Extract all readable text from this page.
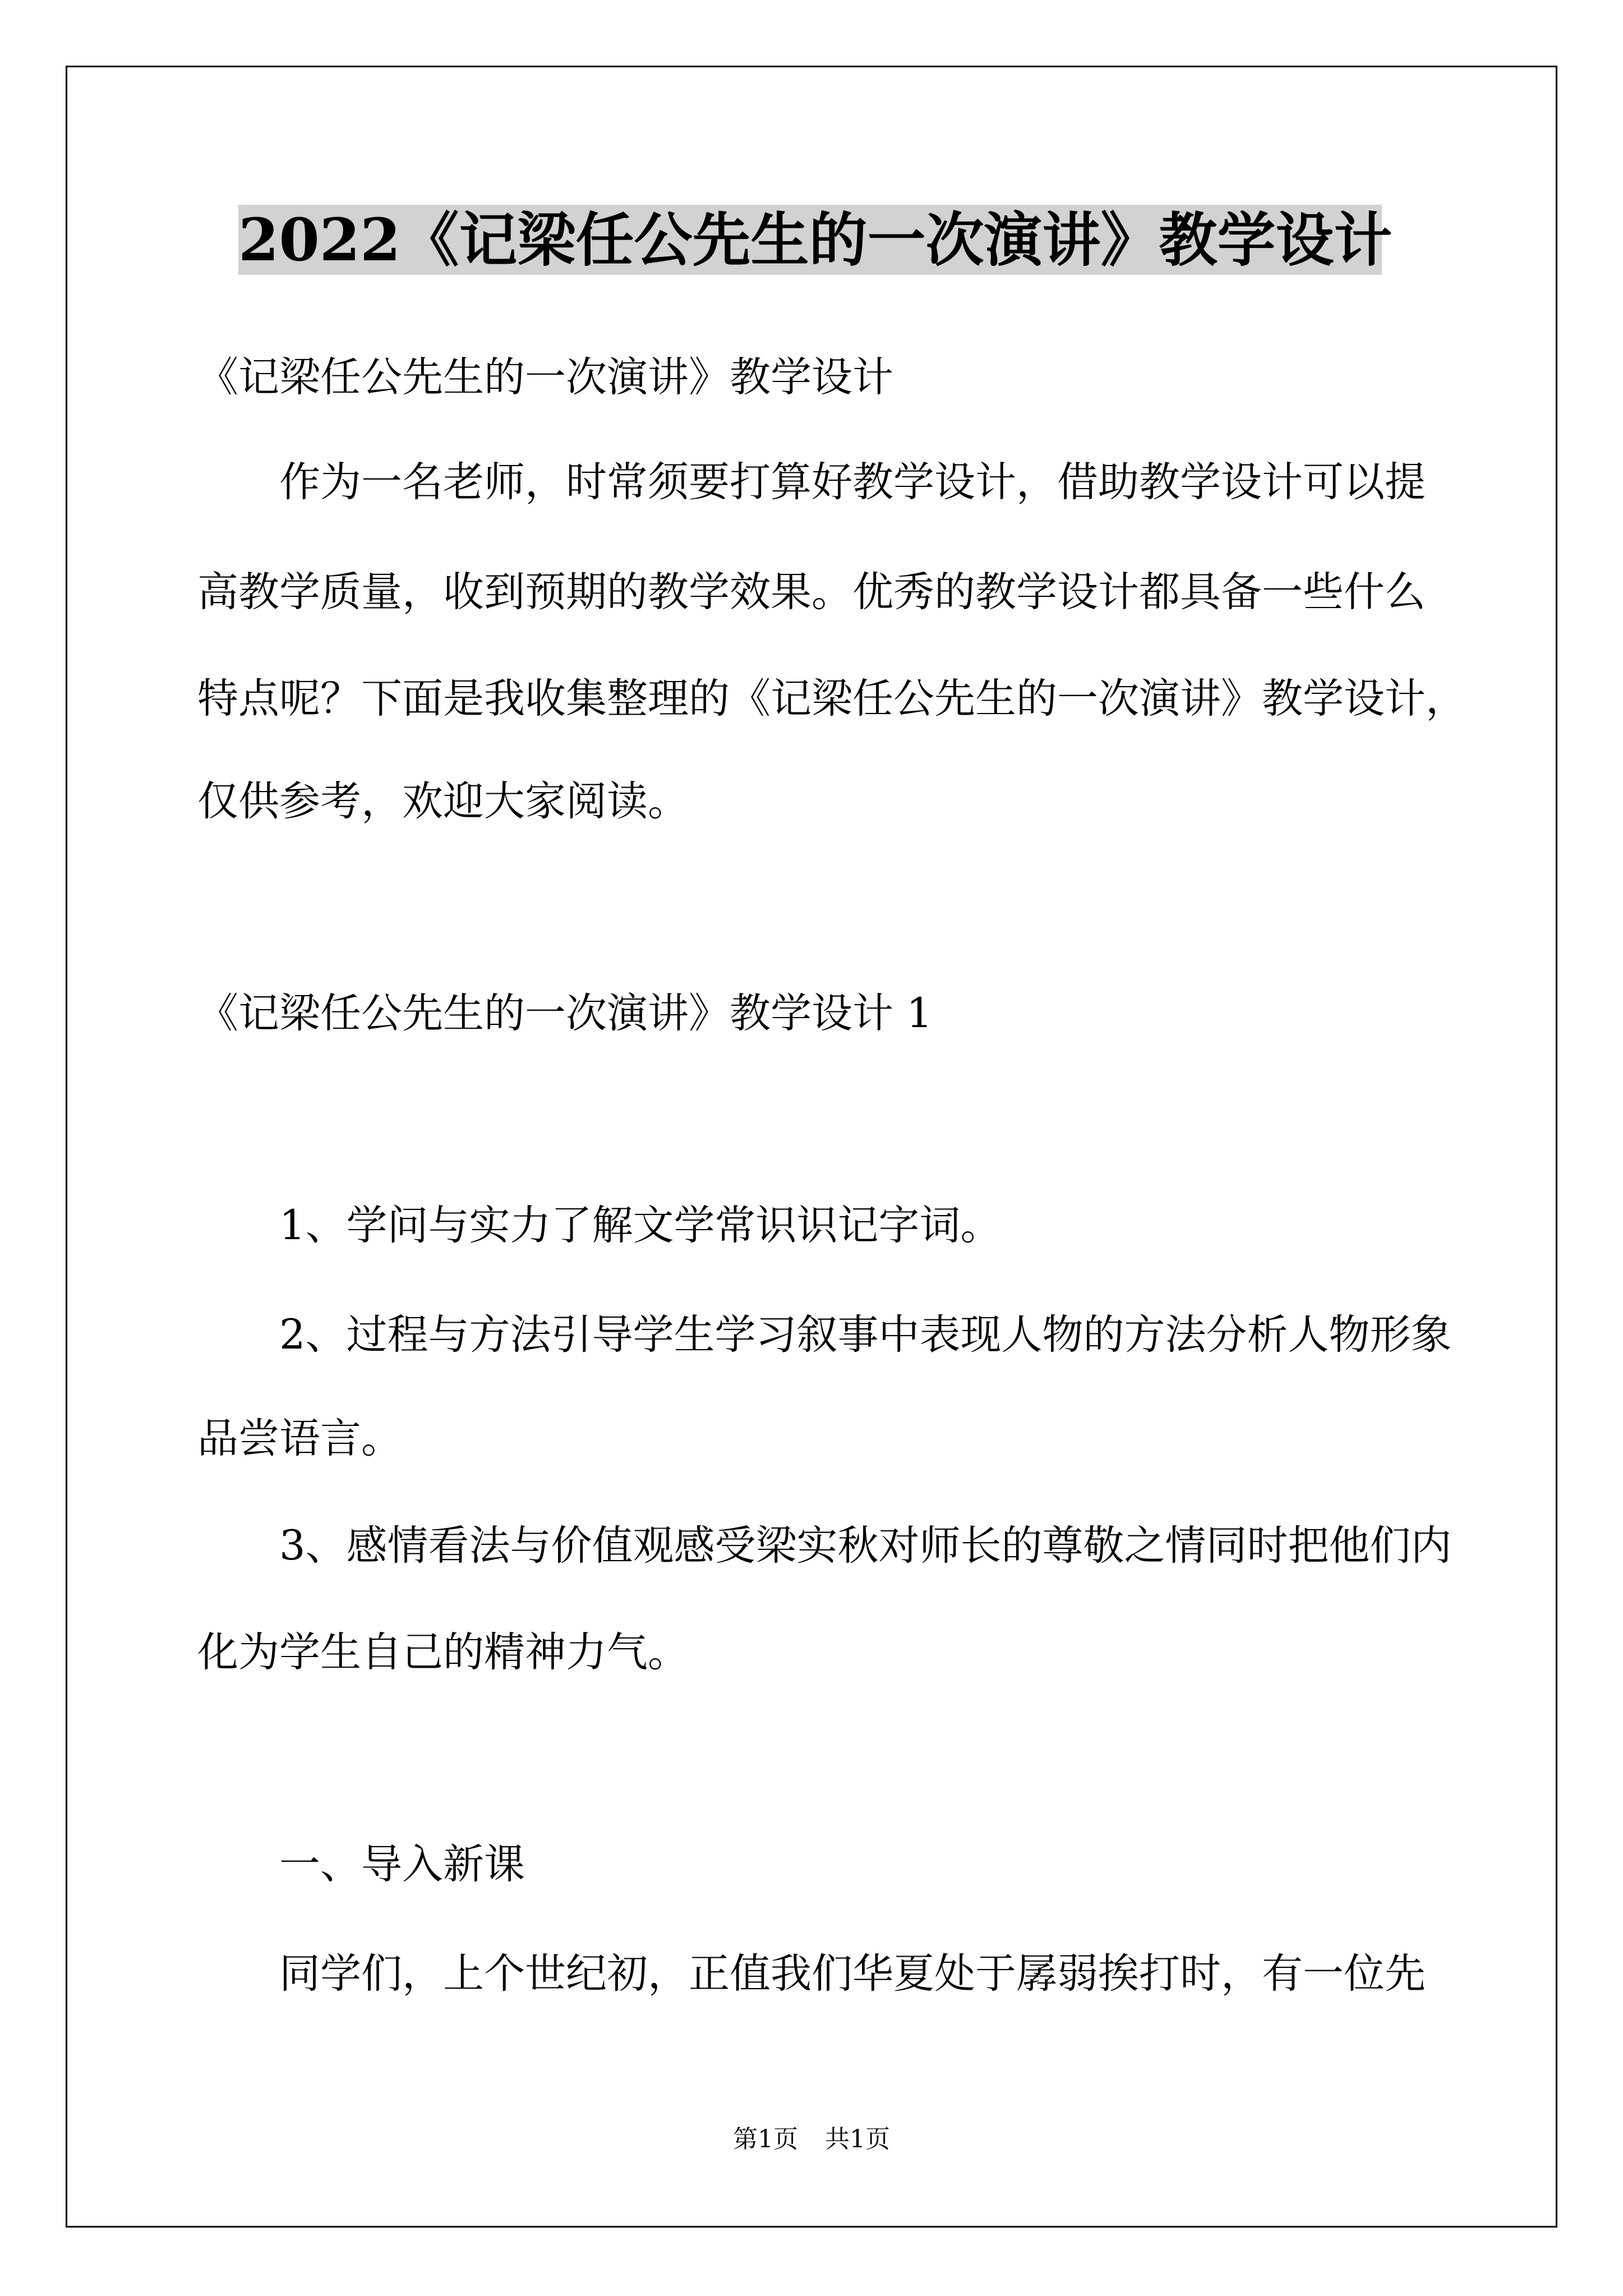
2022《记梁任公先生的一次演讲》教学设计
《记梁任公先生的一次演讲》教学设计
作为一名老师，时常须要打算好教学设计，借助教学设计可以提
高教学质量，收到预期的教学效果。优秀的教学设计都具备一些什么
特点呢？下面是我收集整理的《记梁任公先生的一次演讲》教学设计，
仅供参考，欢迎大家阅读。
《记梁任公先生的一次演讲》教学设计 1
1、学问与实力了解文学常识识记字词。
2、过程与方法引导学生学习叙事中表现人物的方法分析人物形象
品尝语言。
3、感情看法与价值观感受梁实秋对师长的尊敬之情同时把他们内
化为学生自己的精神力气。
一、导入新课
同学们，上个世纪初，正值我们华夏处于孱弱挨打时，有一位先
第1页 共1页
